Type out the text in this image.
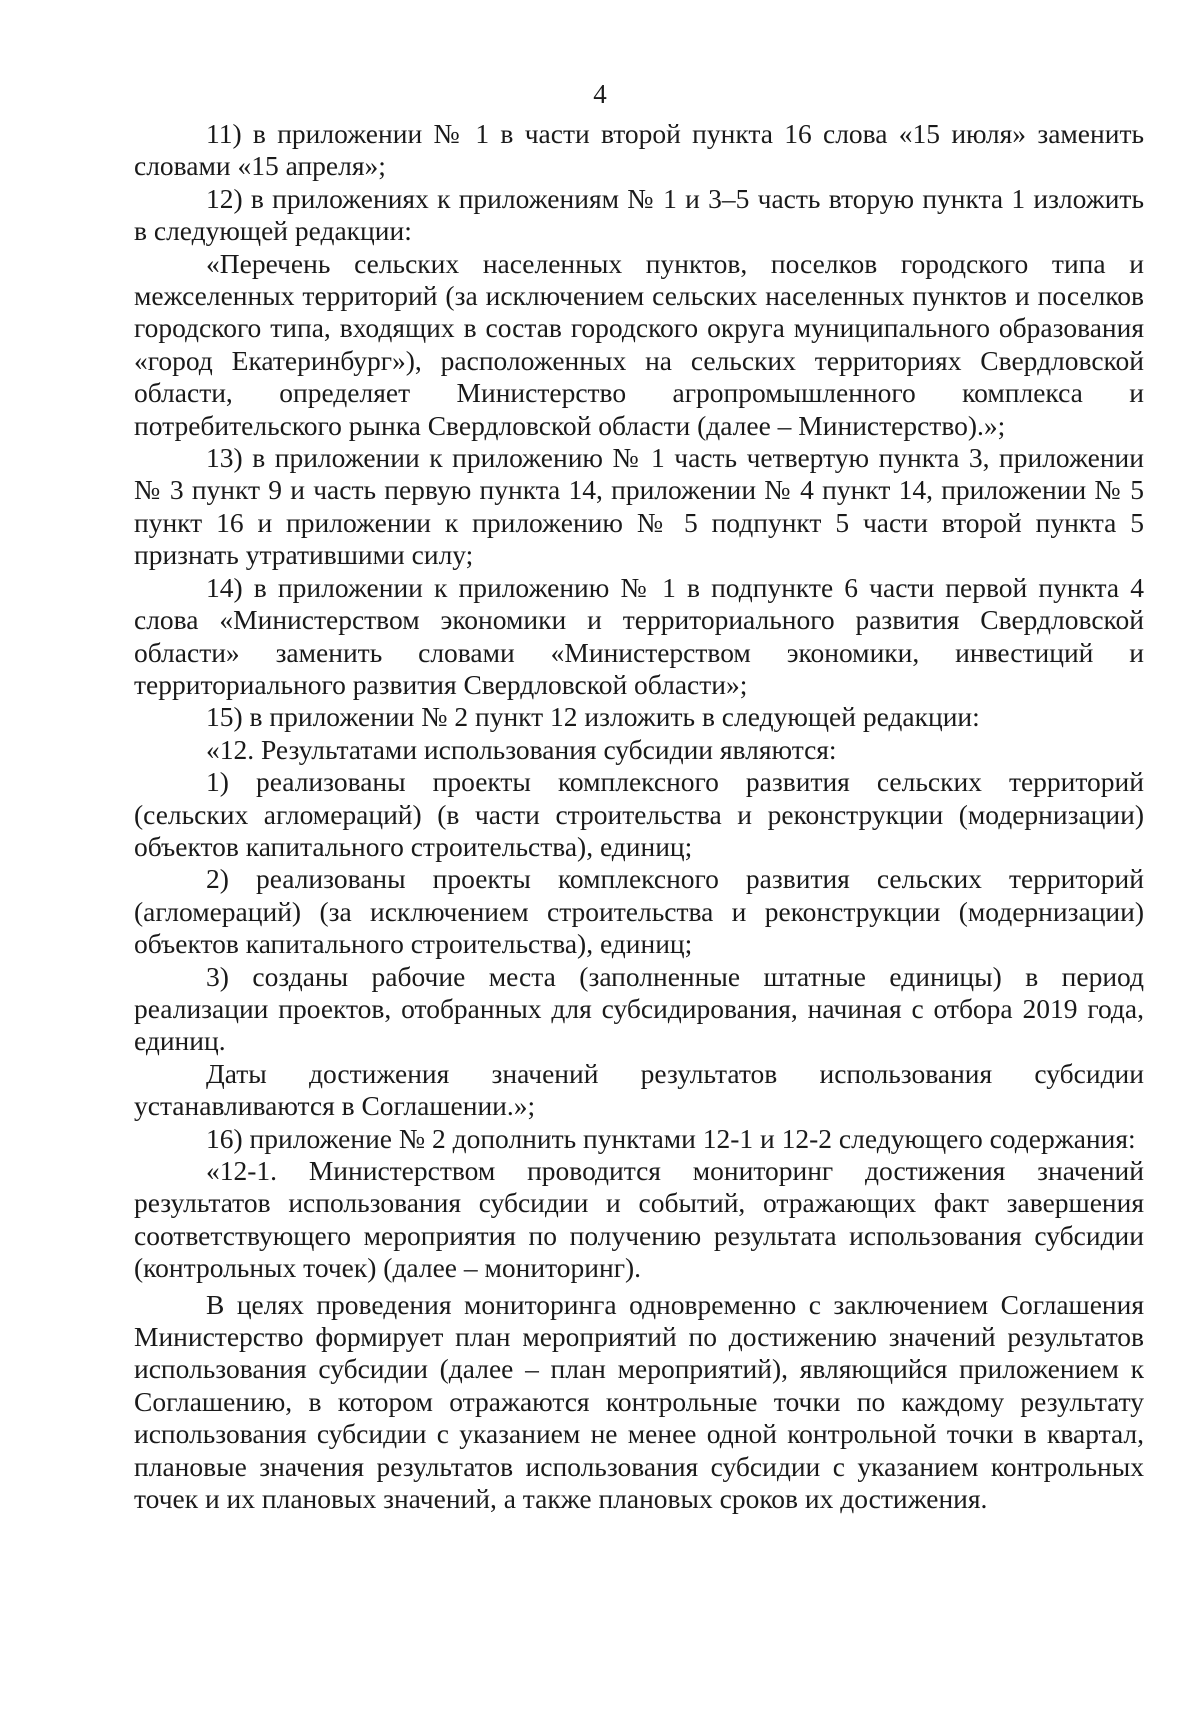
4

11) в приложении № 1 в части второй пункта 16 слова «15 июля» заменить словами «15 апреля»;

12) в приложениях к приложениям № 1 и 3–5 часть вторую пункта 1 изложить в следующей редакции:

«Перечень сельских населенных пунктов, поселков городского типа и межселенных территорий (за исключением сельских населенных пунктов и поселков городского типа, входящих в состав городского округа муниципального образования «город Екатеринбург»), расположенных на сельских территориях Свердловской области, определяет Министерство агропромышленного комплекса и потребительского рынка Свердловской области (далее – Министерство).»;

13) в приложении к приложению № 1 часть четвертую пункта 3, приложении № 3 пункт 9 и часть первую пункта 14, приложении № 4 пункт 14, приложении № 5 пункт 16 и приложении к приложению № 5 подпункт 5 части второй пункта 5 признать утратившими силу;

14) в приложении к приложению № 1 в подпункте 6 части первой пункта 4 слова «Министерством экономики и территориального развития Свердловской области» заменить словами «Министерством экономики, инвестиций и территориального развития Свердловской области»;

15) в приложении № 2 пункт 12 изложить в следующей редакции:

«12. Результатами использования субсидии являются:

1) реализованы проекты комплексного развития сельских территорий (сельских агломераций) (в части строительства и реконструкции (модернизации) объектов капитального строительства), единиц;

2) реализованы проекты комплексного развития сельских территорий (агломераций) (за исключением строительства и реконструкции (модернизации) объектов капитального строительства), единиц;

3) созданы рабочие места (заполненные штатные единицы) в период реализации проектов, отобранных для субсидирования, начиная с отбора 2019 года, единиц.

Даты достижения значений результатов использования субсидии устанавливаются в Соглашении.»;

16) приложение № 2 дополнить пунктами 12-1 и 12-2 следующего содержания:

«12-1. Министерством проводится мониторинг достижения значений результатов использования субсидии и событий, отражающих факт завершения соответствующего мероприятия по получению результата использования субсидии (контрольных точек) (далее – мониторинг).

В целях проведения мониторинга одновременно с заключением Соглашения Министерство формирует план мероприятий по достижению значений результатов использования субсидии (далее – план мероприятий), являющийся приложением к Соглашению, в котором отражаются контрольные точки по каждому результату использования субсидии с указанием не менее одной контрольной точки в квартал, плановые значения результатов использования субсидии с указанием контрольных точек и их плановых значений, а также плановых сроков их достижения.
